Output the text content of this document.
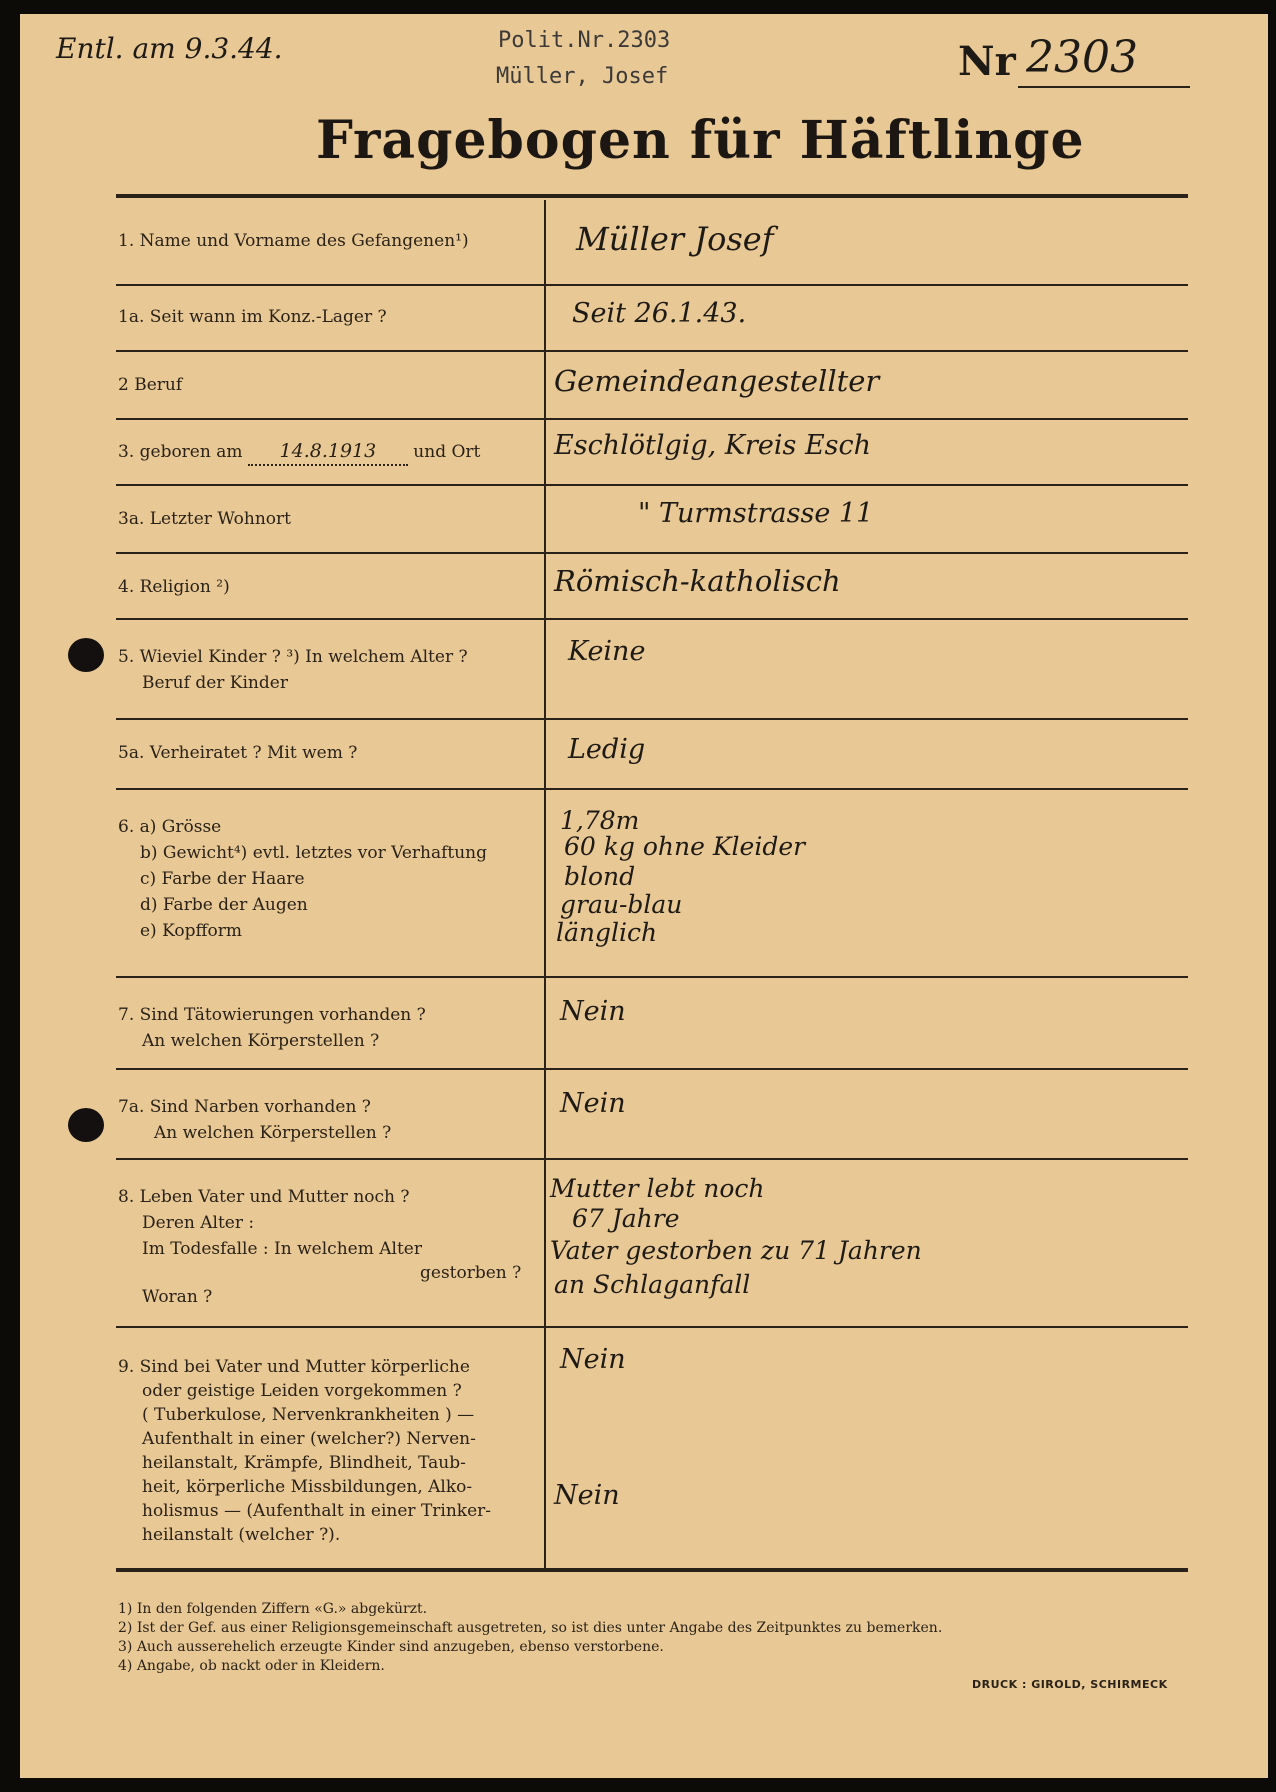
Entl. am 9.3.44.	Polit.Nr.2303
Müller, Josef	Nr 2303
Fragebogen für Häftlinge
1. Name und Vorname des Gefangenen¹)
1a. Seit wann im Konz.-Lager ?
2 Beruf
3. geboren am 14.8.1913 und Ort
3a. Letzter Wohnort
4. Religion ²)
5. Wieviel Kinder ? ³) In welchem Alter ?
Beruf der Kinder
5a. Verheiratet ? Mit wem ?
6. a) Grösse
b) Gewicht⁴) evtl. letztes vor Verhaftung
c) Farbe der Haare
d) Farbe der Augen
e) Kopfform
7. Sind Tätowierungen vorhanden ?
An welchen Körperstellen ?
7a. Sind Narben vorhanden ?
An welchen Körperstellen ?
8. Leben Vater und Mutter noch ?
Deren Alter :
Im Todesfalle : In welchem Alter
gestorben ?
Woran ?
9. Sind bei Vater und Mutter körperliche
oder geistige Leiden vorgekommen ?
( Tuberkulose, Nervenkrankheiten ) —
Aufenthalt in einer (welcher?) Nerven-
heilanstalt, Krämpfe, Blindheit, Taub-
heit, körperliche Missbildungen, Alko-
holismus — (Aufenthalt in einer Trinker-
heilanstalt (welcher ?).
Müller Josef
Seit 26.1.43.
Gemeindeangestellter
Eschlötlgig, Kreis Esch
" Turmstrasse 11
Römisch-katholisch
Keine
Ledig
1,78m
60 kg ohne Kleider
blond
grau-blau
länglich
Nein
Nein
Mutter lebt noch
67 Jahre
Vater gestorben zu 71 Jahren
an Schlaganfall
Nein
Nein
1) In den folgenden Ziffern «G.» abgekürzt.
2) Ist der Gef. aus einer Religionsgemeinschaft ausgetreten, so ist dies unter Angabe des Zeitpunktes zu bemerken.
3) Auch ausserehelich erzeugte Kinder sind anzugeben, ebenso verstorbene.
4) Angabe, ob nackt oder in Kleidern.
DRUCK : GIROLD, SCHIRMECK
